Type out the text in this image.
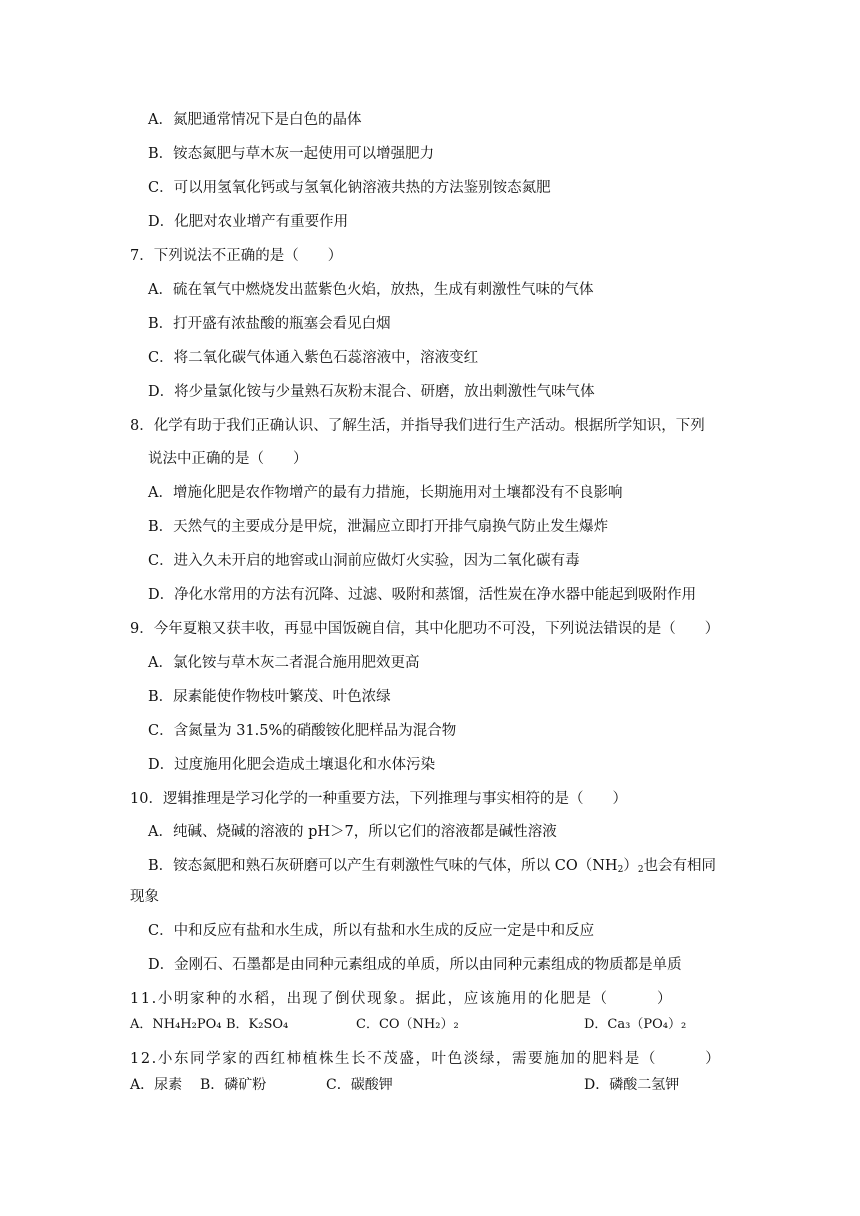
A．氮肥通常情况下是白色的晶体
B．铵态氮肥与草木灰一起使用可以增强肥力
C．可以用氢氧化钙或与氢氧化钠溶液共热的方法鉴别铵态氮肥
D．化肥对农业增产有重要作用
7．下列说法不正确的是（　　）
A．硫在氧气中燃烧发出蓝紫色火焰，放热，生成有刺激性气味的气体
B．打开盛有浓盐酸的瓶塞会看见白烟
C．将二氧化碳气体通入紫色石蕊溶液中，溶液变红
D．将少量氯化铵与少量熟石灰粉末混合、研磨，放出刺激性气味气体
8．化学有助于我们正确认识、了解生活，并指导我们进行生产活动。根据所学知识，下列
说法中正确的是（　　）
A．增施化肥是农作物增产的最有力措施，长期施用对土壤都没有不良影响
B．天然气的主要成分是甲烷，泄漏应立即打开排气扇换气防止发生爆炸
C．进入久未开启的地窖或山洞前应做灯火实验，因为二氧化碳有毒
D．净化水常用的方法有沉降、过滤、吸附和蒸馏，活性炭在净水器中能起到吸附作用
9．今年夏粮又获丰收，再显中国饭碗自信，其中化肥功不可没，下列说法错误的是（　　）
A．氯化铵与草木灰二者混合施用肥效更高
B．尿素能使作物枝叶繁茂、叶色浓绿
C．含氮量为 31.5%的硝酸铵化肥样品为混合物
D．过度施用化肥会造成土壤退化和水体污染
10．逻辑推理是学习化学的一种重要方法，下列推理与事实相符的是（　　）
A．纯碱、烧碱的溶液的 pH＞7，所以它们的溶液都是碱性溶液
B．铵态氮肥和熟石灰研磨可以产生有刺激性气味的气体，所以 $CO(NH_2)_2$也会有相同
现象
C．中和反应有盐和水生成，所以有盐和水生成的反应一定是中和反应
D．金刚石、石墨都是由同种元素组成的单质，所以由同种元素组成的物质都是单质
11.小明家种的水稻，出现了倒伏现象。据此，应该施用的化肥是（　　　）
A．NH₄H₂PO₄ B．K₂SO₄	C．CO（NH₂）₂	D．Ca₃（PO₄）₂
12.小东同学家的西红柿植株生长不茂盛，叶色淡绿，需要施加的肥料是（　　　）
A．尿素	B．磷矿粉	C．碳酸钾	D．磷酸二氢钾
